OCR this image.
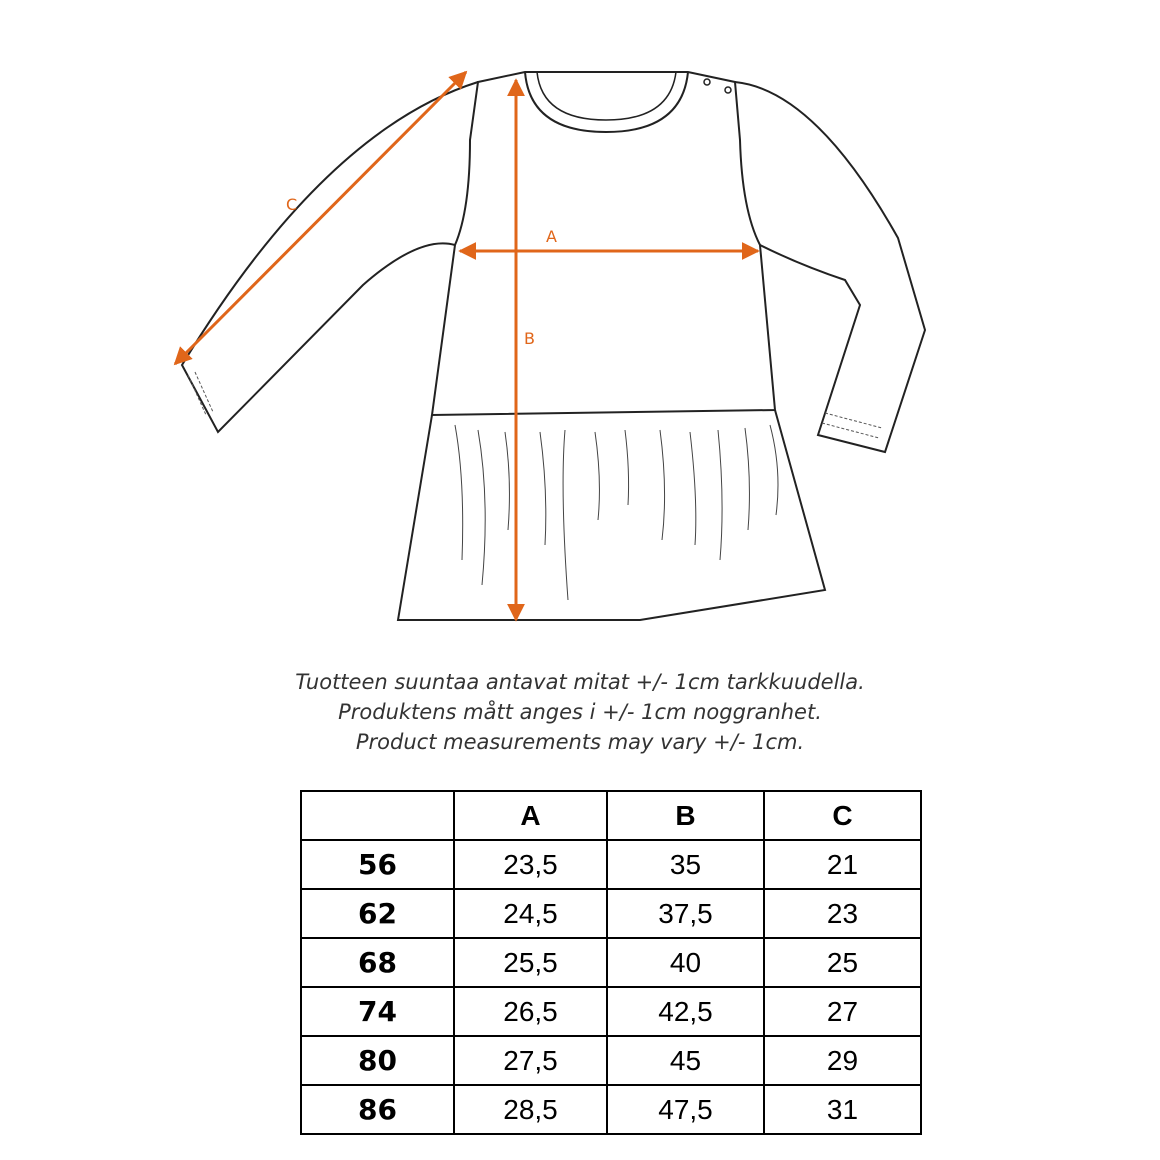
A
B
C
Tuotteen suuntaa antavat mitat +/- 1cm tarkkuudella.
Produktens mått anges i +/- 1cm noggranhet.
Product measurements may vary +/- 1cm.
	A	B	C
56	23,5	35	21
62	24,5	37,5	23
68	25,5	40	25
74	26,5	42,5	27
80	27,5	45	29
86	28,5	47,5	31
